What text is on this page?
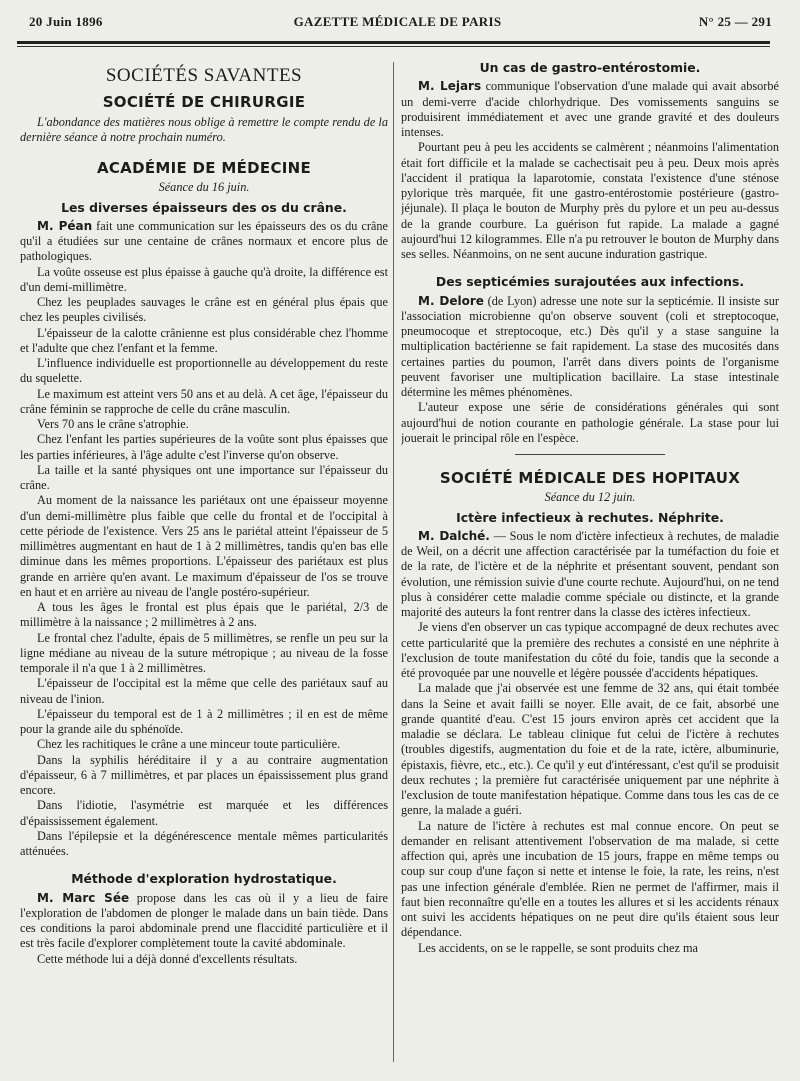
20 Juin 1896	GAZETTE MÉDICALE DE PARIS	N° 25 — 291
SOCIÉTÉS SAVANTES
SOCIÉTÉ DE CHIRURGIE

L'abondance des matières nous oblige à remettre le compte rendu de la dernière séance à notre prochain numéro.

ACADÉMIE DE MÉDECINE
Séance du 16 juin.
Les diverses épaisseurs des os du crâne.

M. Péan fait une communication sur les épaisseurs des os du crâne qu'il a étudiées sur une centaine de crânes normaux et encore plus de pathologiques.

La voûte osseuse est plus épaisse à gauche qu'à droite, la différence est d'un demi-millimètre.

Chez les peuplades sauvages le crâne est en général plus épais que chez les peuples civilisés.

L'épaisseur de la calotte crânienne est plus considérable chez l'homme et l'adulte que chez l'enfant et la femme.

L'influence individuelle est proportionnelle au développement du reste du squelette.

Le maximum est atteint vers 50 ans et au delà. A cet âge, l'épaisseur du crâne féminin se rapproche de celle du crâne masculin.

Vers 70 ans le crâne s'atrophie.

Chez l'enfant les parties supérieures de la voûte sont plus épaisses que les parties inférieures, à l'âge adulte c'est l'inverse qu'on observe.

La taille et la santé physiques ont une importance sur l'épaisseur du crâne.

Au moment de la naissance les pariétaux ont une épaisseur moyenne d'un demi-millimètre plus faible que celle du frontal et de l'occipital à cette période de l'existence. Vers 25 ans le pariétal atteint l'épaisseur de 5 millimètres augmentant en haut de 1 à 2 millimètres, tandis qu'en bas elle diminue dans les mêmes proportions. L'épaisseur des pariétaux est plus grande en arrière qu'en avant. Le maximum d'épaisseur de l'os se trouve en haut et en arrière au niveau de l'angle postéro-supérieur.

A tous les âges le frontal est plus épais que le pariétal, 2/3 de millimètre à la naissance ; 2 millimètres à 2 ans.

Le frontal chez l'adulte, épais de 5 millimètres, se renfle un peu sur la ligne médiane au niveau de la suture métropique ; au niveau de la fosse temporale il n'a que 1 à 2 millimètres.

L'épaisseur de l'occipital est la même que celle des pariétaux sauf au niveau de l'inion.

L'épaisseur du temporal est de 1 à 2 millimètres ; il en est de même pour la grande aile du sphénoïde.

Chez les rachitiques le crâne a une minceur toute particulière.

Dans la syphilis héréditaire il y a au contraire augmentation d'épaisseur, 6 à 7 millimètres, et par places un épaississement plus grand encore.

Dans l'idiotie, l'asymétrie est marquée et les différences d'épaississement également.

Dans l'épilepsie et la dégénérescence mentale mêmes particularités atténuées.

Méthode d'exploration hydrostatique.

M. Marc Sée propose dans les cas où il y a lieu de faire l'exploration de l'abdomen de plonger le malade dans un bain tiède. Dans ces conditions la paroi abdominale prend une flaccidité particulière et il est très facile d'explorer complètement toute la cavité abdominale.

Cette méthode lui a déjà donné d'excellents résultats.

Un cas de gastro-entérostomie.

M. Lejars communique l'observation d'une malade qui avait absorbé un demi-verre d'acide chlorhydrique. Des vomissements sanguins se produisirent immédiatement et avec une grande gravité et des douleurs intenses.

Pourtant peu à peu les accidents se calmèrent ; néanmoins l'alimentation était fort difficile et la malade se cachectisait peu à peu. Deux mois après l'accident il pratiqua la laparotomie, constata l'existence d'une sténose pylorique très marquée, fit une gastro-entérostomie postérieure (gastro-jéjunale). Il plaça le bouton de Murphy près du pylore et un peu au-dessus de la grande courbure. La guérison fut rapide. La malade a gagné aujourd'hui 12 kilogrammes. Elle n'a pu retrouver le bouton de Murphy dans ses selles. Néanmoins, on ne sent aucune induration gastrique.

Des septicémies surajoutées aux infections.

M. Delore (de Lyon) adresse une note sur la septicémie. Il insiste sur l'association microbienne qu'on observe souvent (coli et streptocoque, pneumocoque et streptocoque, etc.) Dès qu'il y a stase sanguine la multiplication bactérienne se fait rapidement. La stase des mucosités dans certaines parties du poumon, l'arrêt dans divers points de l'organisme peuvent favoriser une multiplication bacillaire. La stase intestinale détermine les mêmes phénomènes.

L'auteur expose une série de considérations générales qui sont aujourd'hui de notion courante en pathologie générale. La stase pour lui jouerait le principal rôle en l'espèce.

SOCIÉTÉ MÉDICALE DES HOPITAUX
Séance du 12 juin.
Ictère infectieux à rechutes. Néphrite.

M. Dalché. — Sous le nom d'ictère infectieux à rechutes, de maladie de Weil, on a décrit une affection caractérisée par la tuméfaction du foie et de la rate, de l'ictère et de la néphrite et présentant souvent, pendant son évolution, une rémission suivie d'une courte rechute. Aujourd'hui, on ne tend plus à considérer cette maladie comme spéciale ou distincte, et la grande majorité des auteurs la font rentrer dans la classe des ictères infectieux.

Je viens d'en observer un cas typique accompagné de deux rechutes avec cette particularité que la première des rechutes a consisté en une néphrite à l'exclusion de toute manifestation du côté du foie, tandis que la seconde a été provoquée par une nouvelle et légère poussée d'accidents hépatiques.

La malade que j'ai observée est une femme de 32 ans, qui était tombée dans la Seine et avait failli se noyer. Elle avait, de ce fait, absorbé une grande quantité d'eau. C'est 15 jours environ après cet accident que la maladie se déclara. Le tableau clinique fut celui de l'ictère à rechutes (troubles digestifs, augmentation du foie et de la rate, ictère, albuminurie, épistaxis, fièvre, etc., etc.). Ce qu'il y eut d'intéressant, c'est qu'il se produisit deux rechutes ; la première fut caractérisée uniquement par une néphrite à l'exclusion de toute manifestation hépatique. Comme dans tous les cas de ce genre, la malade a guéri.

La nature de l'ictère à rechutes est mal connue encore. On peut se demander en relisant attentivement l'observation de ma malade, si cette affection qui, après une incubation de 15 jours, frappe en même temps ou coup sur coup d'une façon si nette et intense le foie, la rate, les reins, n'est pas une infection générale d'emblée. Rien ne permet de l'affirmer, mais il faut bien reconnaître qu'elle en a toutes les allures et si les accidents rénaux ont suivi les accidents hépatiques on ne peut dire qu'ils étaient sous leur dépendance.

Les accidents, on se le rappelle, se sont produits chez ma
